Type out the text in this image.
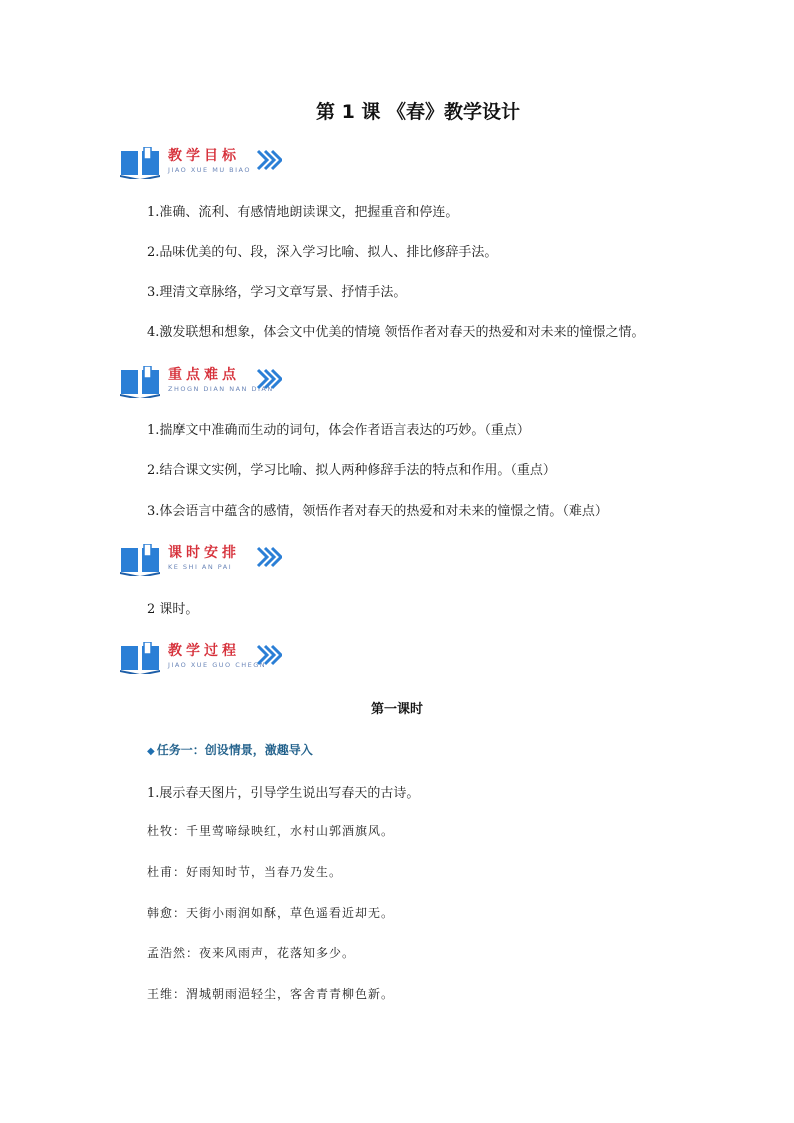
第 1 课 《春》教学设计
教学目标
JIAO XUE MU BIAO
1.准确、流利、有感情地朗读课文，把握重音和停连。
2.品味优美的句、段，深入学习比喻、拟人、排比修辞手法。
3.理清文章脉络，学习文章写景、抒情手法。
4.激发联想和想象，体会文中优美的情境 领悟作者对春天的热爱和对未来的憧憬之情。
重点难点
ZHOGN DIAN NAN DIAN
1.揣摩文中准确而生动的词句，体会作者语言表达的巧妙。（重点）
2.结合课文实例，学习比喻、拟人两种修辞手法的特点和作用。（重点）
3.体会语言中蕴含的感情，领悟作者对春天的热爱和对未来的憧憬之情。（难点）
课时安排
KE SHI AN PAI
2 课时。
教学过程
JIAO XUE GUO CHEGN
第一课时
◆ 任务一：创设情景，激趣导入
1.展示春天图片，引导学生说出写春天的古诗。
杜牧：千里莺啼绿映红，水村山郭酒旗风。
杜甫：好雨知时节，当春乃发生。
韩愈：天街小雨润如酥，草色遥看近却无。
孟浩然：夜来风雨声，花落知多少。
王维：渭城朝雨浥轻尘，客舍青青柳色新。
